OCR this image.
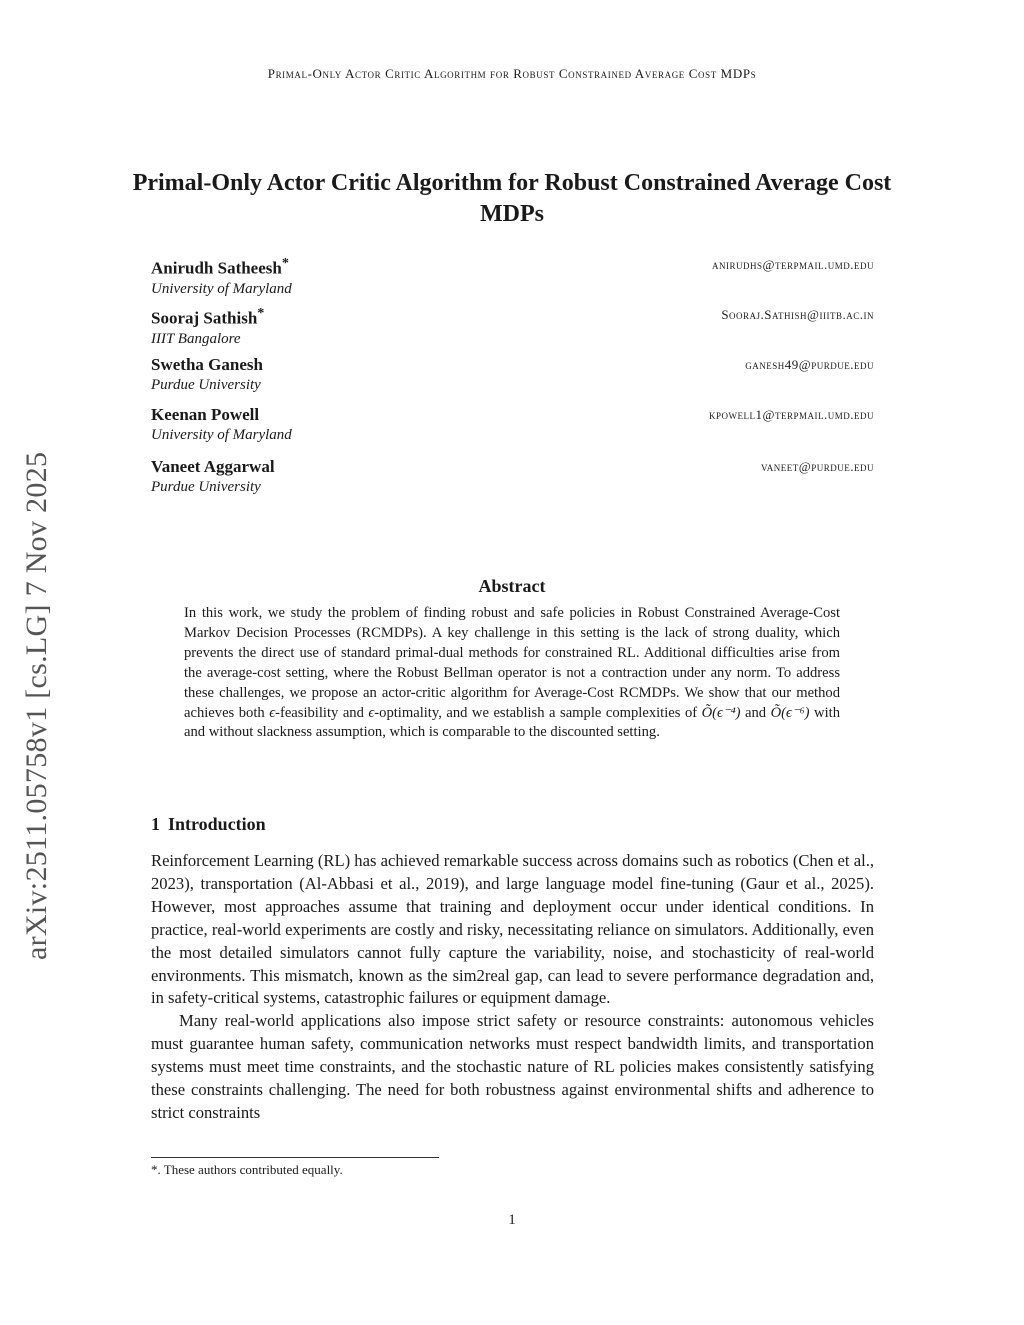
Primal-Only Actor Critic Algorithm for Robust Constrained Average Cost MDPs
arXiv:2511.05758v1 [cs.LG] 7 Nov 2025
Primal-Only Actor Critic Algorithm for Robust Constrained Average Cost MDPs
Anirudh Satheesh*
University of Maryland
anirudhs@terpmail.umd.edu
Sooraj Sathish*
IIIT Bangalore
Sooraj.Sathish@iiitb.ac.in
Swetha Ganesh
Purdue University
ganesh49@purdue.edu
Keenan Powell
University of Maryland
kpowell1@terpmail.umd.edu
Vaneet Aggarwal
Purdue University
vaneet@purdue.edu
Abstract
In this work, we study the problem of finding robust and safe policies in Robust Constrained Average-Cost Markov Decision Processes (RCMDPs). A key challenge in this setting is the lack of strong duality, which prevents the direct use of standard primal-dual methods for constrained RL. Additional difficulties arise from the average-cost setting, where the Robust Bellman operator is not a contraction under any norm. To address these challenges, we propose an actor-critic algorithm for Average-Cost RCMDPs. We show that our method achieves both ϵ-feasibility and ϵ-optimality, and we establish a sample complexities of Õ(ϵ⁻⁴) and Õ(ϵ⁻⁶) with and without slackness assumption, which is comparable to the discounted setting.
1 Introduction

Reinforcement Learning (RL) has achieved remarkable success across domains such as robotics (Chen et al., 2023), transportation (Al-Abbasi et al., 2019), and large language model fine-tuning (Gaur et al., 2025). However, most approaches assume that training and deployment occur under identical conditions. In practice, real-world experiments are costly and risky, necessitating reliance on simulators. Additionally, even the most detailed simulators cannot fully capture the variability, noise, and stochasticity of real-world environments. This mismatch, known as the sim2real gap, can lead to severe performance degradation and, in safety-critical systems, catastrophic failures or equipment damage.

Many real-world applications also impose strict safety or resource constraints: autonomous vehicles must guarantee human safety, communication networks must respect bandwidth limits, and transportation systems must meet time constraints, and the stochastic nature of RL policies makes consistently satisfying these constraints challenging. The need for both robustness against environmental shifts and adherence to strict constraints

*. These authors contributed equally.
1
